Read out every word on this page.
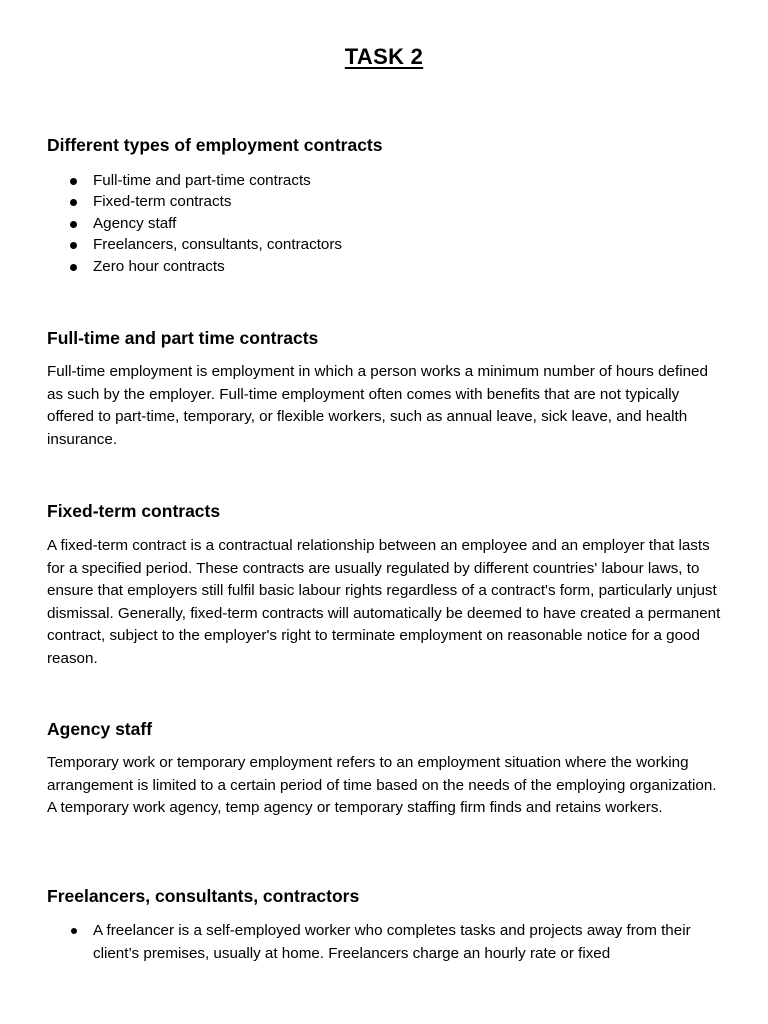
TASK 2
Different types of employment contracts
Full-time and part-time contracts
Fixed-term contracts
Agency staff
Freelancers, consultants, contractors
Zero hour contracts
Full-time and part time contracts

Full-time employment is employment in which a person works a minimum number of hours defined as such by the employer. Full-time employment often comes with benefits that are not typically offered to part-time, temporary, or flexible workers, such as annual leave, sick leave, and health insurance.

Fixed-term contracts

A fixed-term contract is a contractual relationship between an employee and an employer that lasts for a specified period. These contracts are usually regulated by different countries' labour laws, to ensure that employers still fulfil basic labour rights regardless of a contract's form, particularly unjust dismissal. Generally, fixed-term contracts will automatically be deemed to have created a permanent contract, subject to the employer's right to terminate employment on reasonable notice for a good reason.

Agency staff

Temporary work or temporary employment refers to an employment situation where the working arrangement is limited to a certain period of time based on the needs of the employing organization. A temporary work agency, temp agency or temporary staffing firm finds and retains workers.

Freelancers, consultants, contractors
A freelancer is a self-employed worker who completes tasks and projects away from their client’s premises, usually at home. Freelancers charge an hourly rate or fixed
